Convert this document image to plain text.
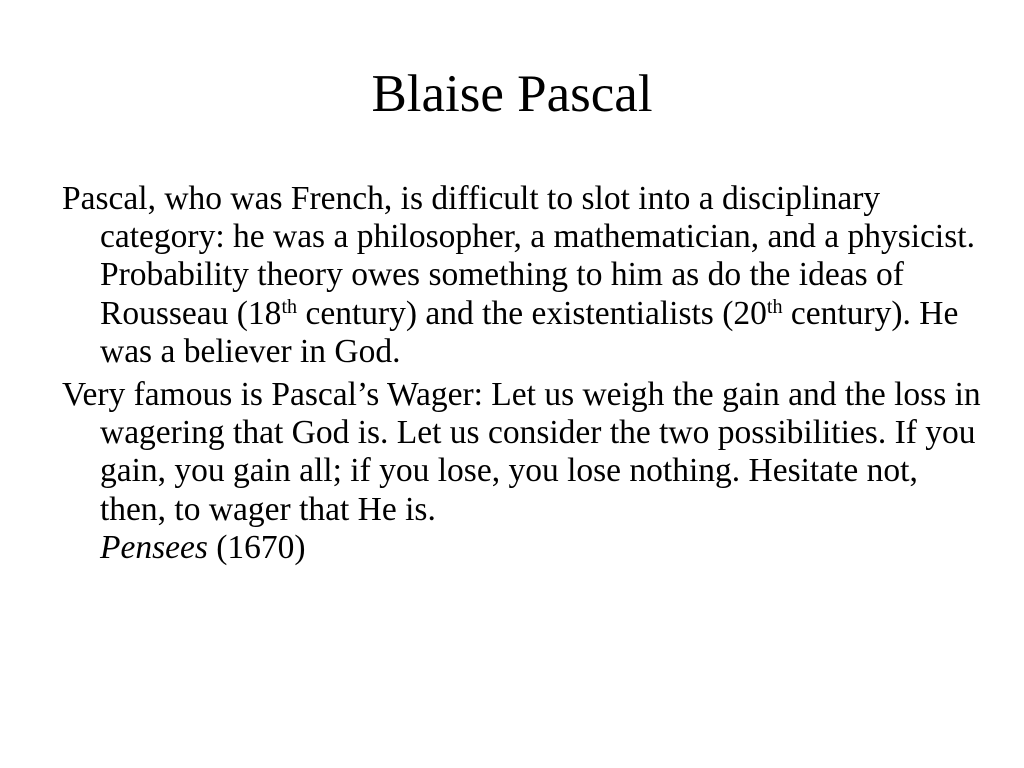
Blaise Pascal

Pascal, who was French, is difficult to slot into a disciplinary category: he was a philosopher, a mathematician, and a physicist. Probability theory owes something to him as do the ideas of Rousseau (18th century) and the existentialists (20th century). He was a believer in God.

Very famous is Pascal’s Wager: Let us weigh the gain and the loss in wagering that God is. Let us consider the two possibilities. If you gain, you gain all; if you lose, you lose nothing. Hesitate not, then, to wager that He is.
Pensees (1670)
